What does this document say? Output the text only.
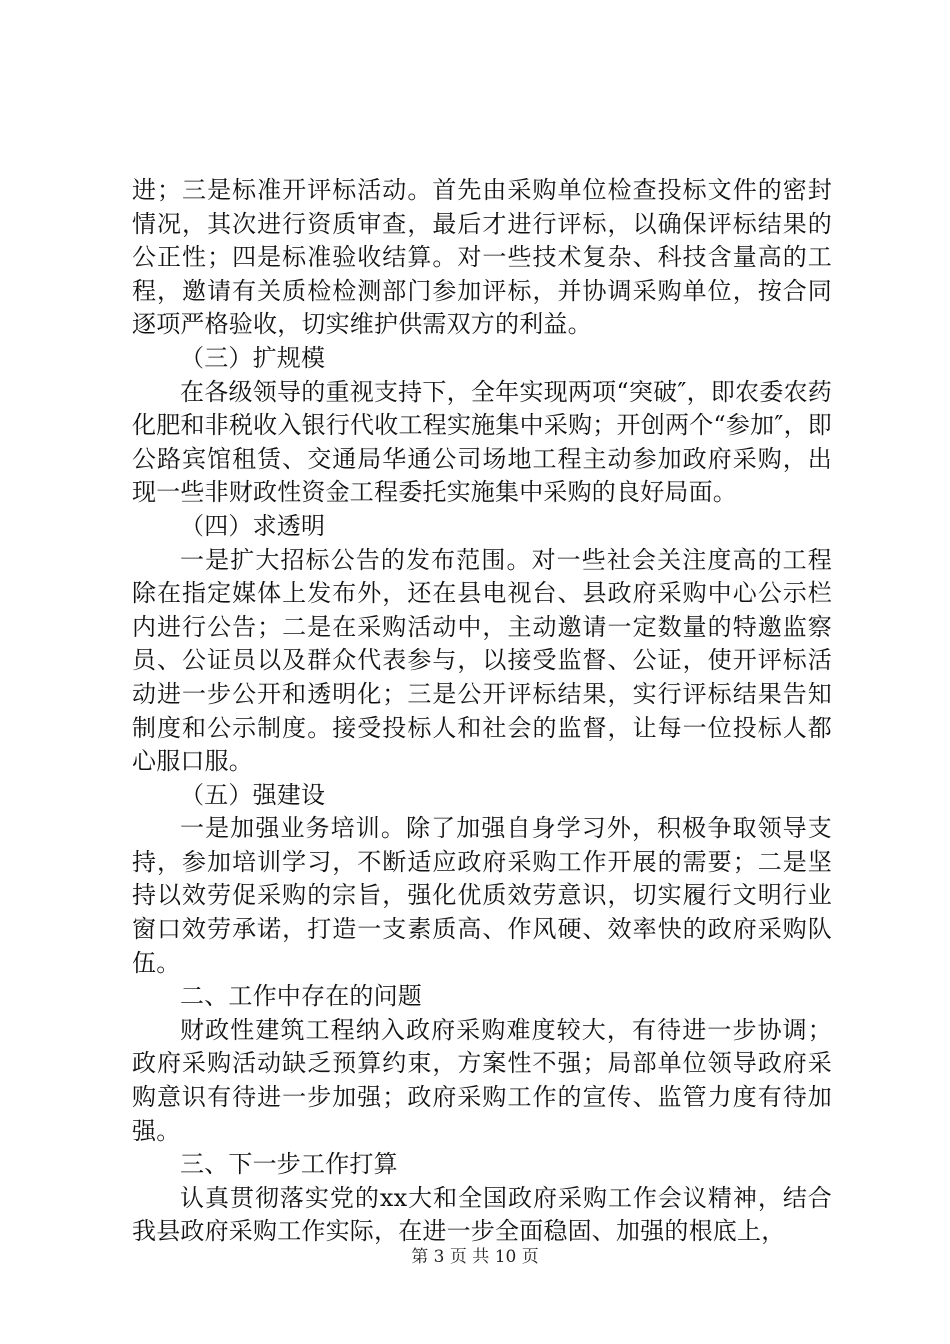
进；三是标准开评标活动。首先由采购单位检查投标文件的密封情况，其次进行资质审查，最后才进行评标，以确保评标结果的公正性；四是标准验收结算。对一些技术复杂、科技含量高的工程，邀请有关质检检测部门参加评标，并协调采购单位，按合同逐项严格验收，切实维护供需双方的利益。

（三）扩规模

在各级领导的重视支持下，全年实现两项“突破″，即农委农药化肥和非税收入银行代收工程实施集中采购；开创两个“参加″，即公路宾馆租赁、交通局华通公司场地工程主动参加政府采购，出现一些非财政性资金工程委托实施集中采购的良好局面。

（四）求透明

一是扩大招标公告的发布范围。对一些社会关注度高的工程除在指定媒体上发布外，还在县电视台、县政府采购中心公示栏内进行公告；二是在采购活动中，主动邀请一定数量的特邀监察员、公证员以及群众代表参与，以接受监督、公证，使开评标活动进一步公开和透明化；三是公开评标结果，实行评标结果告知制度和公示制度。接受投标人和社会的监督，让每一位投标人都心服口服。

（五）强建设

一是加强业务培训。除了加强自身学习外，积极争取领导支持，参加培训学习，不断适应政府采购工作开展的需要；二是坚持以效劳促采购的宗旨，强化优质效劳意识，切实履行文明行业窗口效劳承诺，打造一支素质高、作风硬、效率快的政府采购队伍。

二、工作中存在的问题

财政性建筑工程纳入政府采购难度较大，有待进一步协调；政府采购活动缺乏预算约束，方案性不强；局部单位领导政府采购意识有待进一步加强；政府采购工作的宣传、监管力度有待加强。

三、下一步工作打算

认真贯彻落实党的xx大和全国政府采购工作会议精神，结合我县政府采购工作实际，在进一步全面稳固、加强的根底上，

第 3 页 共 10 页
